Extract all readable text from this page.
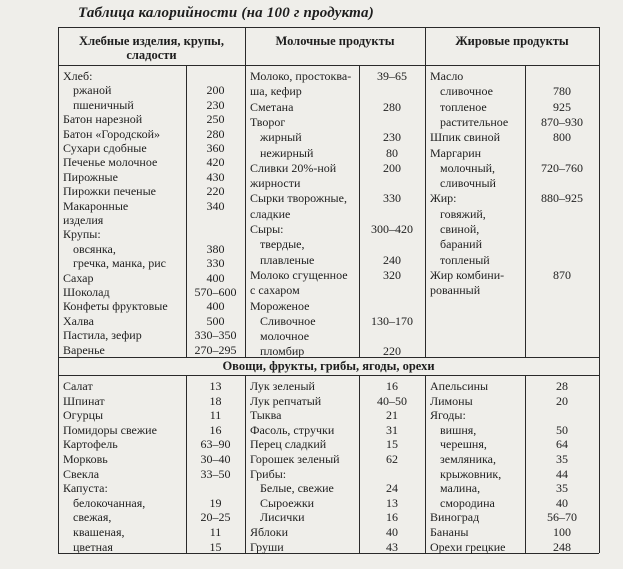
Таблица калорийности (на 100 г продукта)
Хлебные изделия, крупы,
сладости
Молочные продукты	Жировые продукты
Овощи, фрукты, грибы, ягоды, орехи
Хлеб:
ржаной	200
пшеничный	230
Батон нарезной	250
Батон «Городской»	280
Сухари сдобные	360
Печенье молочное	420
Пирожные	430
Пирожки печеные	220
Макаронные	340
изделия
Крупы:
овсянка,	380
гречка, манка, рис	330
Сахар	400
Шоколад	570–600
Конфеты фруктовые	400
Халва	500
Пастила, зефир	330–350
Варенье	270–295
Молоко, простоква-	39–65
ша, кефир
Сметана	280
Творог
жирный	230
нежирный	80
Сливки 20%-ной	200
жирности
Сырки творожные,	330
сладкие
Сыры:	300–420
твердые,
плавленые	240
Молоко сгущенное	320
с сахаром
Мороженое
Сливочное	130–170
молочное
пломбир	220
Масло
сливочное	780
топленое	925
растительное	870–930
Шпик свиной	800
Маргарин
молочный,	720–760
сливочный
Жир:	880–925
говяжий,
свиной,
бараний
топленый
Жир комбини-	870
рованный
Салат	13
Шпинат	18
Огурцы	11
Помидоры свежие	16
Картофель	63–90
Морковь	30–40
Свекла	33–50
Капуста:
белокочанная,	19
свежая,	20–25
квашеная,	11
цветная	15
Лук зеленый	16
Лук репчатый	40–50
Тыква	21
Фасоль, стручки	31
Перец сладкий	15
Горошек зеленый	62
Грибы:
Белые, свежие	24
Сыроежки	13
Лисички	16
Яблоки	40
Груши	43
Апельсины	28
Лимоны	20
Ягоды:
вишня,	50
черешня,	64
земляника,	35
крыжовник,	44
малина,	35
смородина	40
Виноград	56–70
Бананы	100
Орехи грецкие	248
